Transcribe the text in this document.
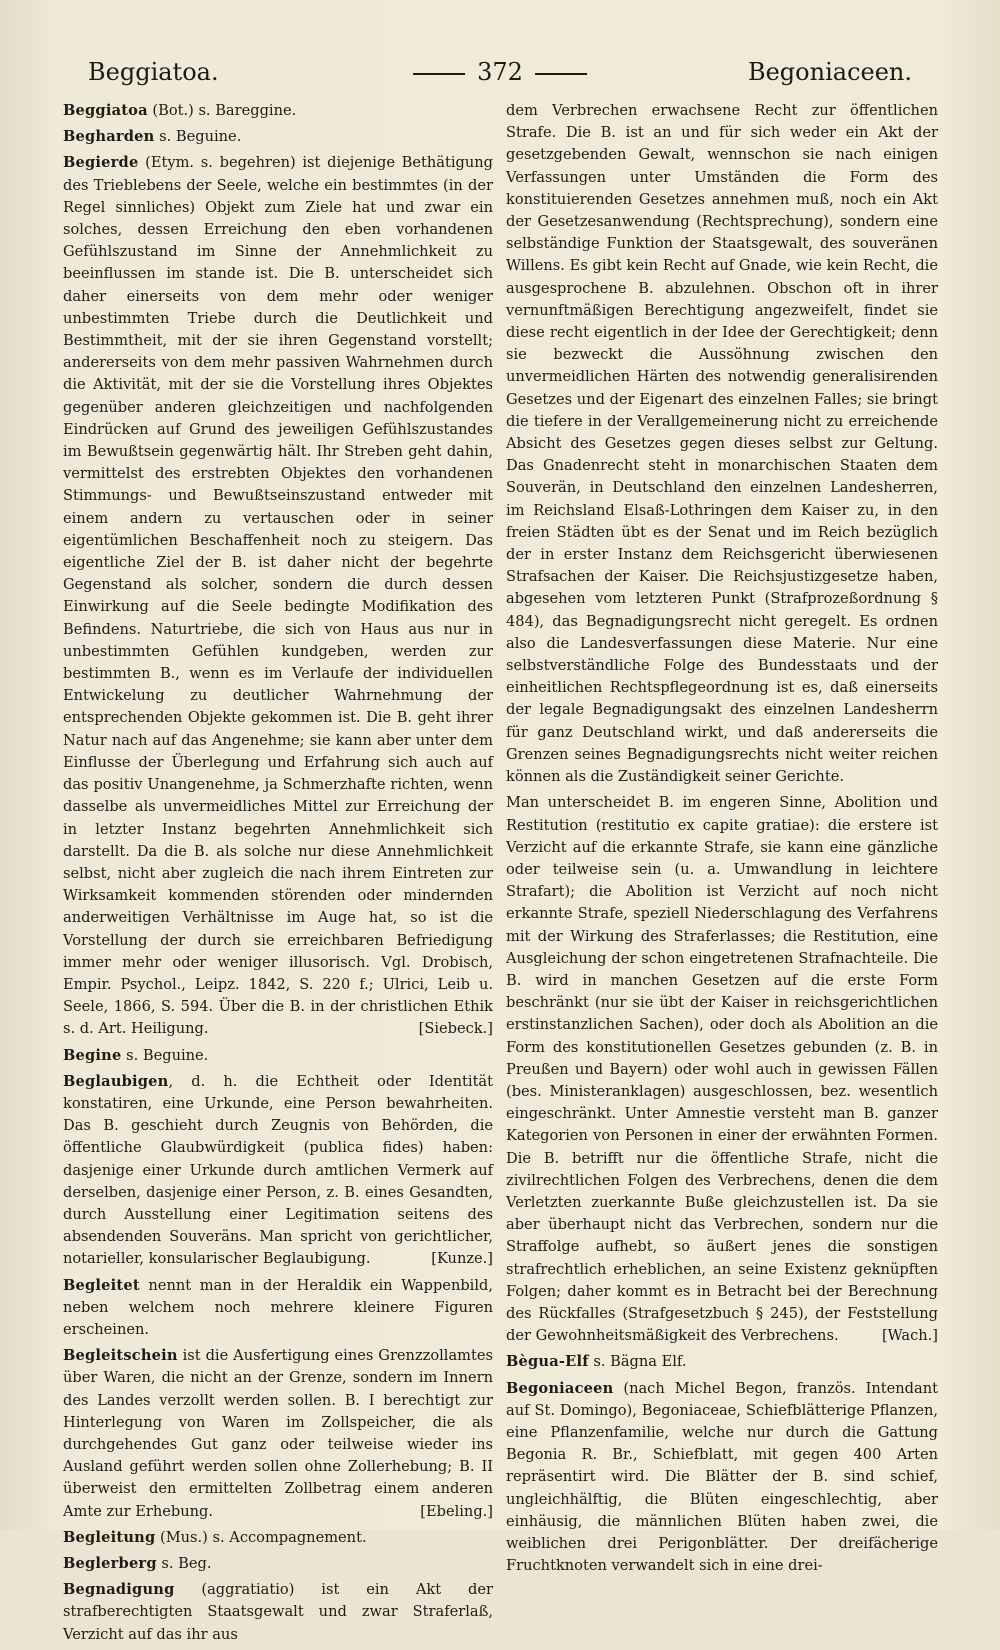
Beggiatoa.	372	Begoniaceen.

Beggiatoa (Bot.) s. Bareggine.

Begharden s. Beguine.

Begierde (Etym. s. begehren) ist diejenige Bethätigung des Trieblebens der Seele, welche ein bestimmtes (in der Regel sinnliches) Objekt zum Ziele hat und zwar ein solches, dessen Erreichung den eben vorhandenen Gefühlszustand im Sinne der Annehmlichkeit zu beeinflussen im stande ist. Die B. unterscheidet sich daher einerseits von dem mehr oder weniger unbestimmten Triebe durch die Deutlichkeit und Bestimmtheit, mit der sie ihren Gegenstand vorstellt; andererseits von dem mehr passiven Wahrnehmen durch die Aktivität, mit der sie die Vorstellung ihres Objektes gegenüber anderen gleichzeitigen und nachfolgenden Eindrücken auf Grund des jeweiligen Gefühlszustandes im Bewußtsein gegenwärtig hält. Ihr Streben geht dahin, vermittelst des erstrebten Objektes den vorhandenen Stimmungs- und Bewußtseinszustand entweder mit einem andern zu vertauschen oder in seiner eigentümlichen Beschaffenheit noch zu steigern. Das eigentliche Ziel der B. ist daher nicht der begehrte Gegenstand als solcher, sondern die durch dessen Einwirkung auf die Seele bedingte Modifikation des Befindens. Naturtriebe, die sich von Haus aus nur in unbestimmten Gefühlen kundgeben, werden zur bestimmten B., wenn es im Verlaufe der individuellen Entwickelung zu deutlicher Wahrnehmung der entsprechenden Objekte gekommen ist. Die B. geht ihrer Natur nach auf das Angenehme; sie kann aber unter dem Einflusse der Überlegung und Erfahrung sich auch auf das positiv Unangenehme, ja Schmerzhafte richten, wenn dasselbe als unvermeidliches Mittel zur Erreichung der in letzter Instanz begehrten Annehmlichkeit sich darstellt. Da die B. als solche nur diese Annehmlichkeit selbst, nicht aber zugleich die nach ihrem Eintreten zur Wirksamkeit kommenden störenden oder mindernden anderweitigen Verhältnisse im Auge hat, so ist die Vorstellung der durch sie erreichbaren Befriedigung immer mehr oder weniger illusorisch. Vgl. Drobisch, Empir. Psychol., Leipz. 1842, S. 220 f.; Ulrici, Leib u. Seele, 1866, S. 594. Über die B. in der christlichen Ethik s. d. Art. Heiligung.	[Siebeck.]

Begine s. Beguine.

Beglaubigen, d. h. die Echtheit oder Identität konstatiren, eine Urkunde, eine Person bewahrheiten. Das B. geschieht durch Zeugnis von Behörden, die öffentliche Glaubwürdigkeit (publica fides) haben: dasjenige einer Urkunde durch amtlichen Vermerk auf derselben, dasjenige einer Person, z. B. eines Gesandten, durch Ausstellung einer Legitimation seitens des absendenden Souveräns. Man spricht von gerichtlicher, notarieller, konsularischer Beglaubigung.	[Kunze.]

Begleitet nennt man in der Heraldik ein Wappenbild, neben welchem noch mehrere kleinere Figuren erscheinen.

Begleitschein ist die Ausfertigung eines Grenzzollamtes über Waren, die nicht an der Grenze, sondern im Innern des Landes verzollt werden sollen. B. I berechtigt zur Hinterlegung von Waren im Zollspeicher, die als durchgehendes Gut ganz oder teilweise wieder ins Ausland geführt werden sollen ohne Zollerhebung; B. II überweist den ermittelten Zollbetrag einem anderen Amte zur Erhebung.	[Ebeling.]

Begleitung (Mus.) s. Accompagnement.

Beglerberg s. Beg.

Begnadigung (aggratiatio) ist ein Akt der strafberechtigten Staatsgewalt und zwar Straferlaß, Verzicht auf das ihr aus

dem Verbrechen erwachsene Recht zur öffentlichen Strafe. Die B. ist an und für sich weder ein Akt der gesetzgebenden Gewalt, wennschon sie nach einigen Verfassungen unter Umständen die Form des konstituierenden Gesetzes annehmen muß, noch ein Akt der Gesetzesanwendung (Rechtsprechung), sondern eine selbständige Funktion der Staatsgewalt, des souveränen Willens. Es gibt kein Recht auf Gnade, wie kein Recht, die ausgesprochene B. abzulehnen. Obschon oft in ihrer vernunftmäßigen Berechtigung angezweifelt, findet sie diese recht eigentlich in der Idee der Gerechtigkeit; denn sie bezweckt die Aussöhnung zwischen den unvermeidlichen Härten des notwendig generalisirenden Gesetzes und der Eigenart des einzelnen Falles; sie bringt die tiefere in der Verallgemeinerung nicht zu erreichende Absicht des Gesetzes gegen dieses selbst zur Geltung. Das Gnadenrecht steht in monarchischen Staaten dem Souverän, in Deutschland den einzelnen Landesherren, im Reichsland Elsaß-Lothringen dem Kaiser zu, in den freien Städten übt es der Senat und im Reich bezüglich der in erster Instanz dem Reichsgericht überwiesenen Strafsachen der Kaiser. Die Reichsjustizgesetze haben, abgesehen vom letzteren Punkt (Strafprozeßordnung § 484), das Begnadigungsrecht nicht geregelt. Es ordnen also die Landesverfassungen diese Materie. Nur eine selbstverständliche Folge des Bundesstaats und der einheitlichen Rechtspflegeordnung ist es, daß einerseits der legale Begnadigungsakt des einzelnen Landesherrn für ganz Deutschland wirkt, und daß andererseits die Grenzen seines Begnadigungsrechts nicht weiter reichen können als die Zuständigkeit seiner Gerichte.

Man unterscheidet B. im engeren Sinne, Abolition und Restitution (restitutio ex capite gratiae): die erstere ist Verzicht auf die erkannte Strafe, sie kann eine gänzliche oder teilweise sein (u. a. Umwandlung in leichtere Strafart); die Abolition ist Verzicht auf noch nicht erkannte Strafe, speziell Niederschlagung des Verfahrens mit der Wirkung des Straferlasses; die Restitution, eine Ausgleichung der schon eingetretenen Strafnachteile. Die B. wird in manchen Gesetzen auf die erste Form beschränkt (nur sie übt der Kaiser in reichsgerichtlichen erstinstanzlichen Sachen), oder doch als Abolition an die Form des konstitutionellen Gesetzes gebunden (z. B. in Preußen und Bayern) oder wohl auch in gewissen Fällen (bes. Ministeranklagen) ausgeschlossen, bez. wesentlich eingeschränkt. Unter Amnestie versteht man B. ganzer Kategorien von Personen in einer der erwähnten Formen. Die B. betrifft nur die öffentliche Strafe, nicht die zivilrechtlichen Folgen des Verbrechens, denen die dem Verletzten zuerkannte Buße gleichzustellen ist. Da sie aber überhaupt nicht das Verbrechen, sondern nur die Straffolge aufhebt, so äußert jenes die sonstigen strafrechtlich erheblichen, an seine Existenz geknüpften Folgen; daher kommt es in Betracht bei der Berechnung des Rückfalles (Strafgesetzbuch § 245), der Feststellung der Gewohnheitsmäßigkeit des Verbrechens.	[Wach.]

Bègua-Elf s. Bägna Elf.

Begoniaceen (nach Michel Begon, französ. Intendant auf St. Domingo), Begoniaceae, Schiefblätterige Pflanzen, eine Pflanzenfamilie, welche nur durch die Gattung Begonia R. Br., Schiefblatt, mit gegen 400 Arten repräsentirt wird. Die Blätter der B. sind schief, ungleichhälftig, die Blüten eingeschlechtig, aber einhäusig, die männlichen Blüten haben zwei, die weiblichen drei Perigonblätter. Der dreifächerige Fruchtknoten verwandelt sich in eine drei-
